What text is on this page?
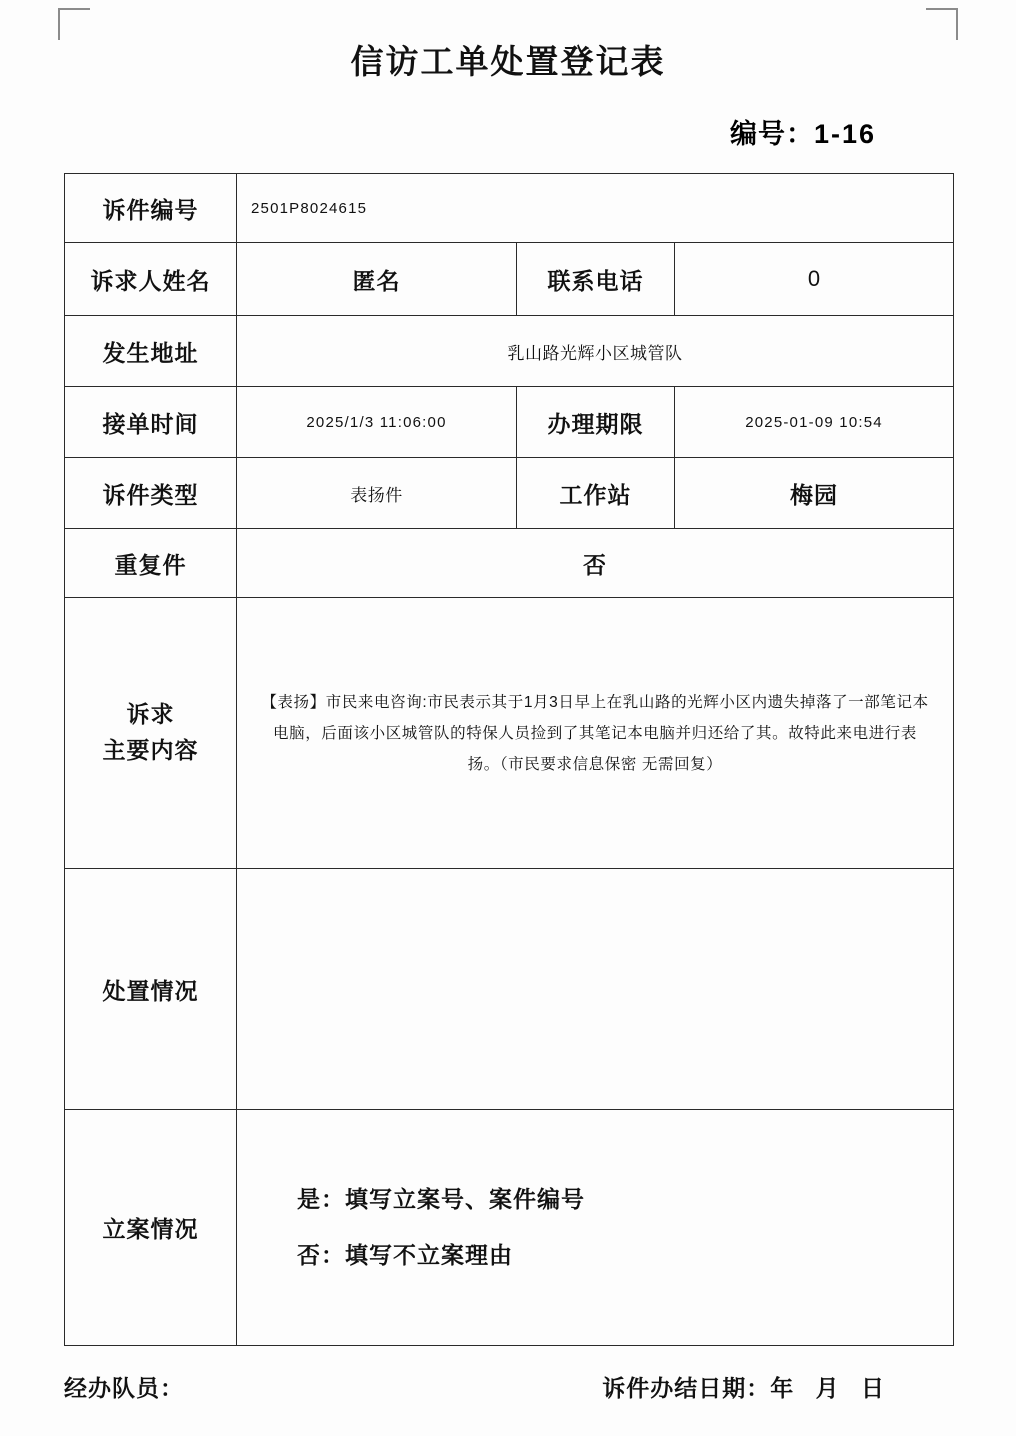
信访工单处置登记表
编号：1-16
诉件编号	2501P8024615		
诉求人姓名	匿名	联系电话	0
发生地址	乳山路光辉小区城管队		
接单时间	2025/1/3 11:06:00	办理期限	2025-01-09 10:54
诉件类型	表扬件	工作站	梅园
重复件	否		

诉求
主要内容	【表扬】市民来电咨询:市民表示其于1月3日早上在乳山路的光辉小区内遗失掉落了一部笔记本电脑，后面该小区城管队的特保人员捡到了其笔记本电脑并归还给了其。故特此来电进行表扬。（市民要求信息保密 无需回复）		

处置情况			
立案情况	是：填写立案号、案件编号
否：填写不立案理由		
经办队员：	诉件办结日期：年 月 日
